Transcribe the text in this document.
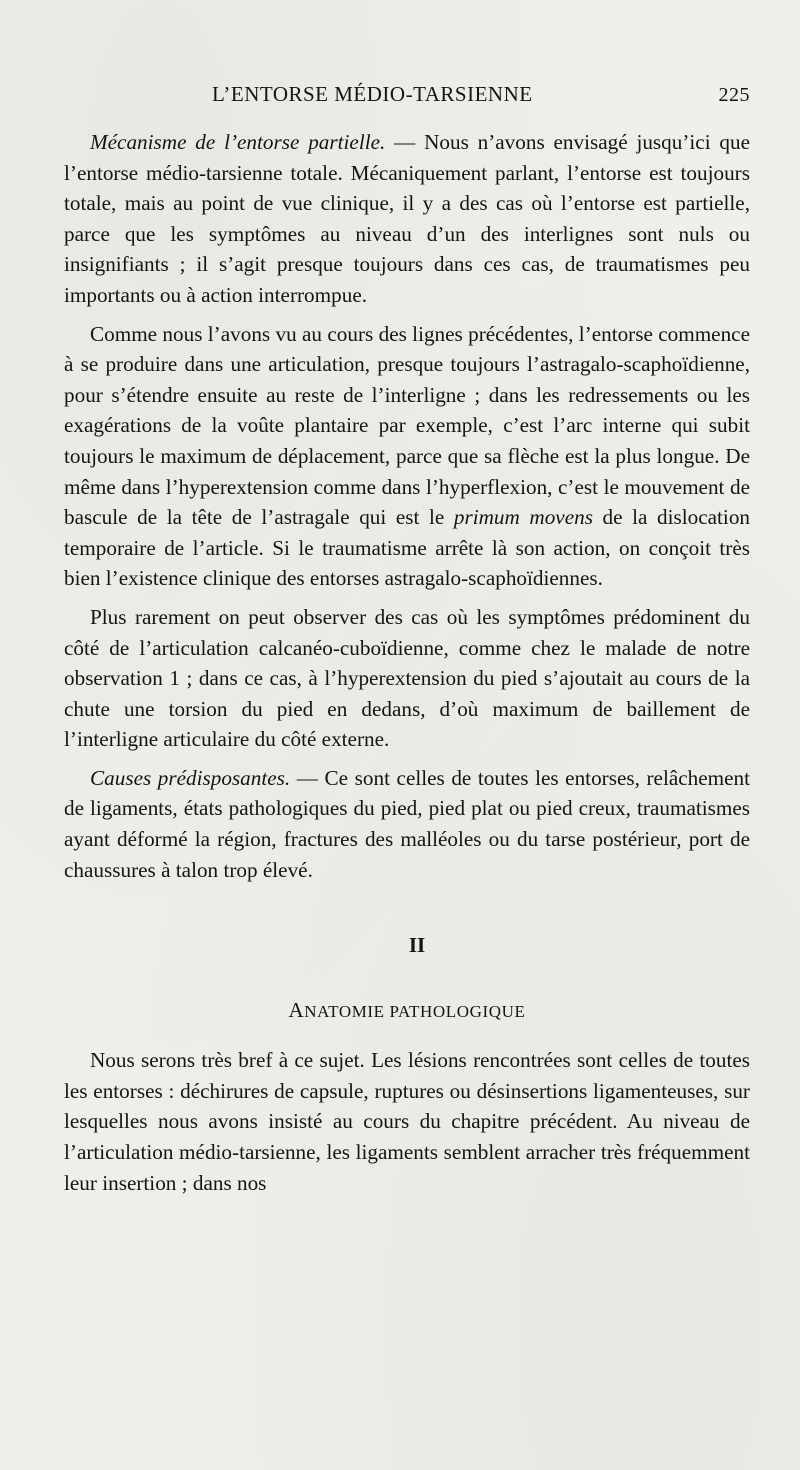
L’ENTORSE MÉDIO-TARSIENNE	225

Mécanisme de l’entorse partielle. — Nous n’avons envisagé jusqu’ici que l’entorse médio-tarsienne totale. Mécaniquement parlant, l’entorse est toujours totale, mais au point de vue clinique, il y a des cas où l’entorse est partielle, parce que les symptômes au niveau d’un des interlignes sont nuls ou insignifiants ; il s’agit presque toujours dans ces cas, de traumatismes peu importants ou à action interrompue.

Comme nous l’avons vu au cours des lignes précédentes, l’entorse commence à se produire dans une articulation, presque toujours l’astragalo-scaphoïdienne, pour s’étendre ensuite au reste de l’interligne ; dans les redressements ou les exagérations de la voûte plantaire par exemple, c’est l’arc interne qui subit toujours le maximum de déplacement, parce que sa flèche est la plus longue. De même dans l’hyperextension comme dans l’hyperflexion, c’est le mouvement de bascule de la tête de l’astragale qui est le primum movens de la dislocation temporaire de l’article. Si le traumatisme arrête là son action, on conçoit très bien l’existence clinique des entorses astragalo-scaphoïdiennes.

Plus rarement on peut observer des cas où les symptômes prédominent du côté de l’articulation calcanéo-cuboïdienne, comme chez le malade de notre observation 1 ; dans ce cas, à l’hyperextension du pied s’ajoutait au cours de la chute une torsion du pied en dedans, d’où maximum de baillement de l’interligne articulaire du côté externe.

Causes prédisposantes. — Ce sont celles de toutes les entorses, relâchement de ligaments, états pathologiques du pied, pied plat ou pied creux, traumatismes ayant déformé la région, fractures des malléoles ou du tarse postérieur, port de chaussures à talon trop élevé.

II
ANATOMIE PATHOLOGIQUE

Nous serons très bref à ce sujet. Les lésions rencontrées sont celles de toutes les entorses : déchirures de capsule, ruptures ou désinsertions ligamenteuses, sur lesquelles nous avons insisté au cours du chapitre précédent. Au niveau de l’articulation médio-tarsienne, les ligaments semblent arracher très fréquemment leur insertion ; dans nos
